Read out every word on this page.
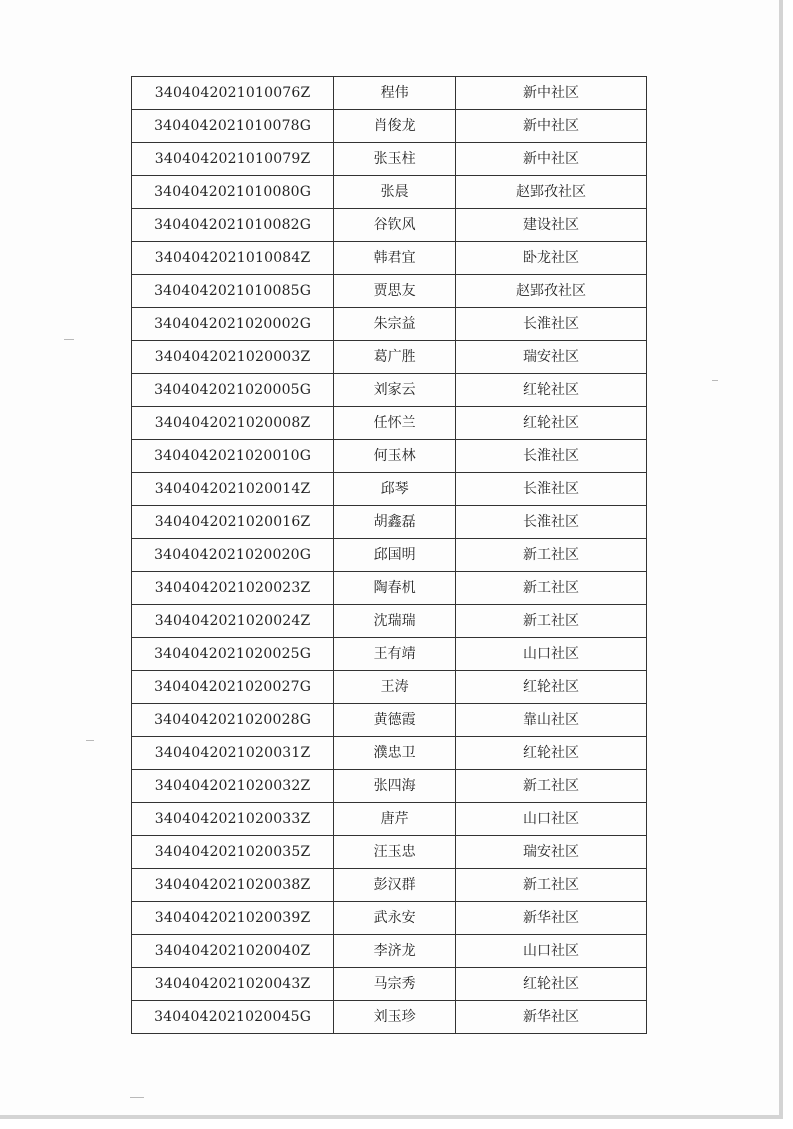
3404042021010076Z	程伟	新中社区
3404042021010078G	肖俊龙	新中社区
3404042021010079Z	张玉柱	新中社区
3404042021010080G	张晨	赵郢孜社区
3404042021010082G	谷钦风	建设社区
3404042021010084Z	韩君宜	卧龙社区
3404042021010085G	贾思友	赵郢孜社区
3404042021020002G	朱宗益	长淮社区
3404042021020003Z	葛广胜	瑞安社区
3404042021020005G	刘家云	红轮社区
3404042021020008Z	任怀兰	红轮社区
3404042021020010G	何玉林	长淮社区
3404042021020014Z	邱琴	长淮社区
3404042021020016Z	胡鑫磊	长淮社区
3404042021020020G	邱国明	新工社区
3404042021020023Z	陶春机	新工社区
3404042021020024Z	沈瑞瑞	新工社区
3404042021020025G	王有靖	山口社区
3404042021020027G	王涛	红轮社区
3404042021020028G	黄德霞	靠山社区
3404042021020031Z	濮忠卫	红轮社区
3404042021020032Z	张四海	新工社区
3404042021020033Z	唐芹	山口社区
3404042021020035Z	汪玉忠	瑞安社区
3404042021020038Z	彭汉群	新工社区
3404042021020039Z	武永安	新华社区
3404042021020040Z	李济龙	山口社区
3404042021020043Z	马宗秀	红轮社区
3404042021020045G	刘玉珍	新华社区
